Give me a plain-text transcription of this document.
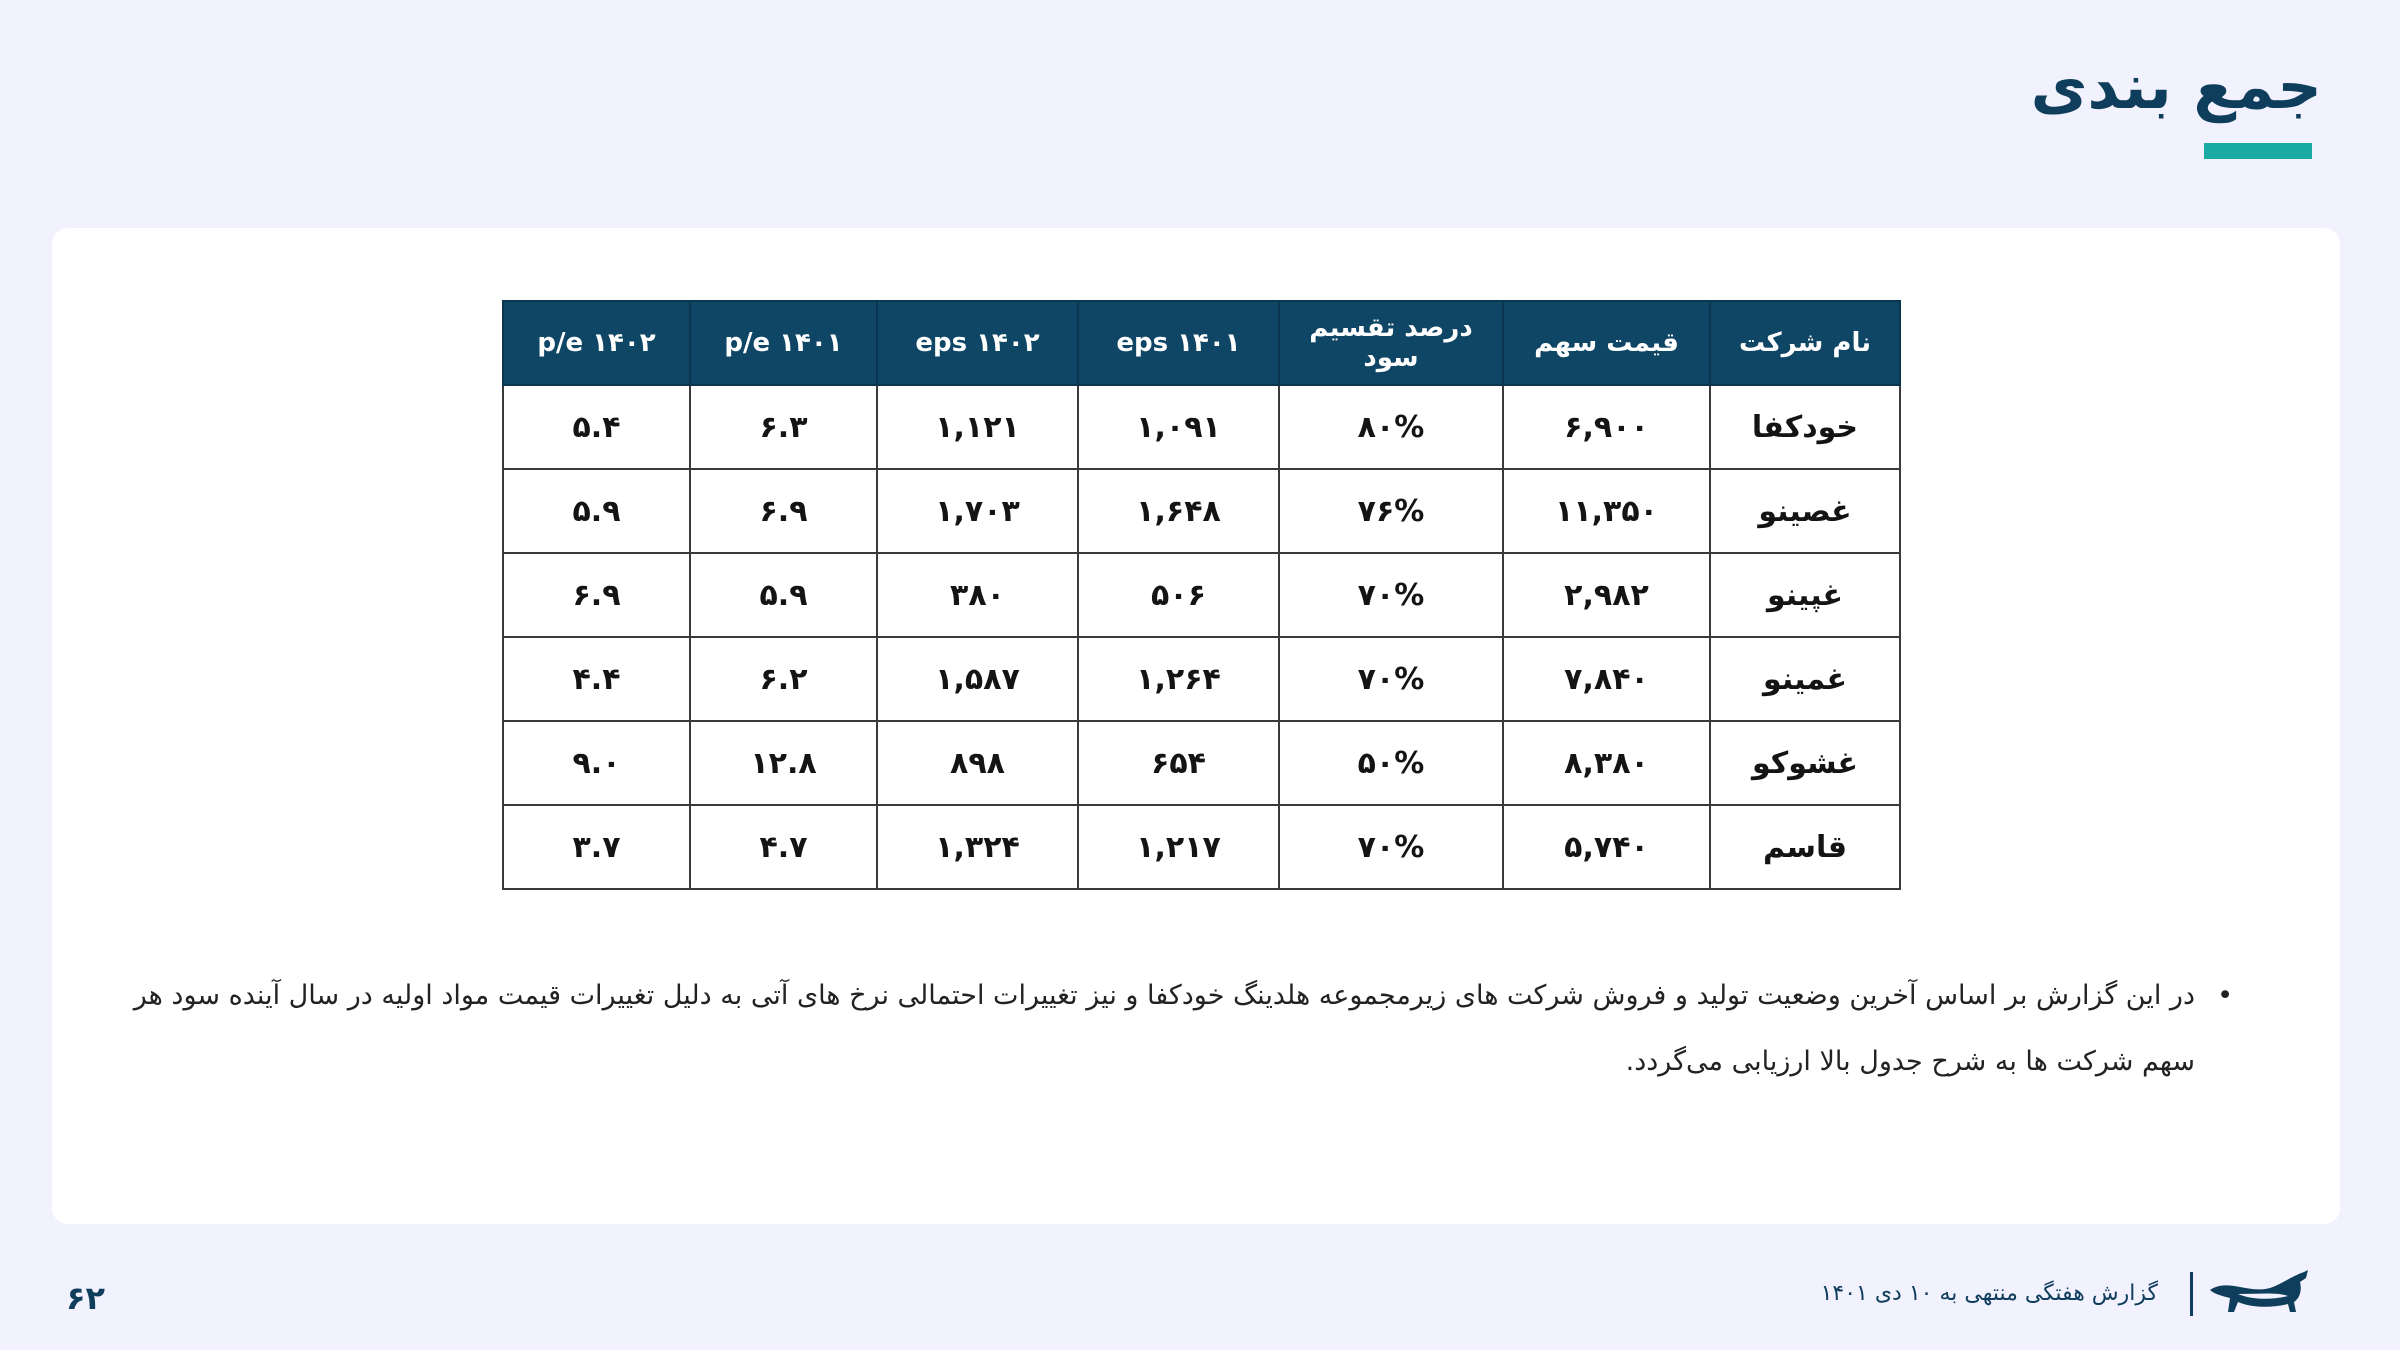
جمع بندی
نام شرکت	قیمت سهم	درصد تقسیم سود	eps ۱۴۰۱	eps ۱۴۰۲	p/e ۱۴۰۱	p/e ۱۴۰۲
خودکفا	۶,۹۰۰	۸۰%	۱,۰۹۱	۱,۱۲۱	۶.۳	۵.۴
غصینو	۱۱,۳۵۰	۷۶%	۱,۶۴۸	۱,۷۰۳	۶.۹	۵.۹
غپینو	۲,۹۸۲	۷۰%	۵۰۶	۳۸۰	۵.۹	۶.۹
غمینو	۷,۸۴۰	۷۰%	۱,۲۶۴	۱,۵۸۷	۶.۲	۴.۴
غشوکو	۸,۳۸۰	۵۰%	۶۵۴	۸۹۸	۱۲.۸	۹.۰
قاسم	۵,۷۴۰	۷۰%	۱,۲۱۷	۱,۳۲۴	۴.۷	۳.۷
•
در این گزارش بر اساس آخرین وضعیت تولید و فروش شرکت های زیرمجموعه هلدینگ خودکفا و نیز تغییرات احتمالی نرخ های آتی به دلیل تغییرات قیمت مواد اولیه در سال آینده سود هر سهم شرکت ها به شرح جدول بالا ارزیابی می‌گردد.
گزارش هفتگی منتهی به ۱۰ دی ۱۴۰۱
۶۲
